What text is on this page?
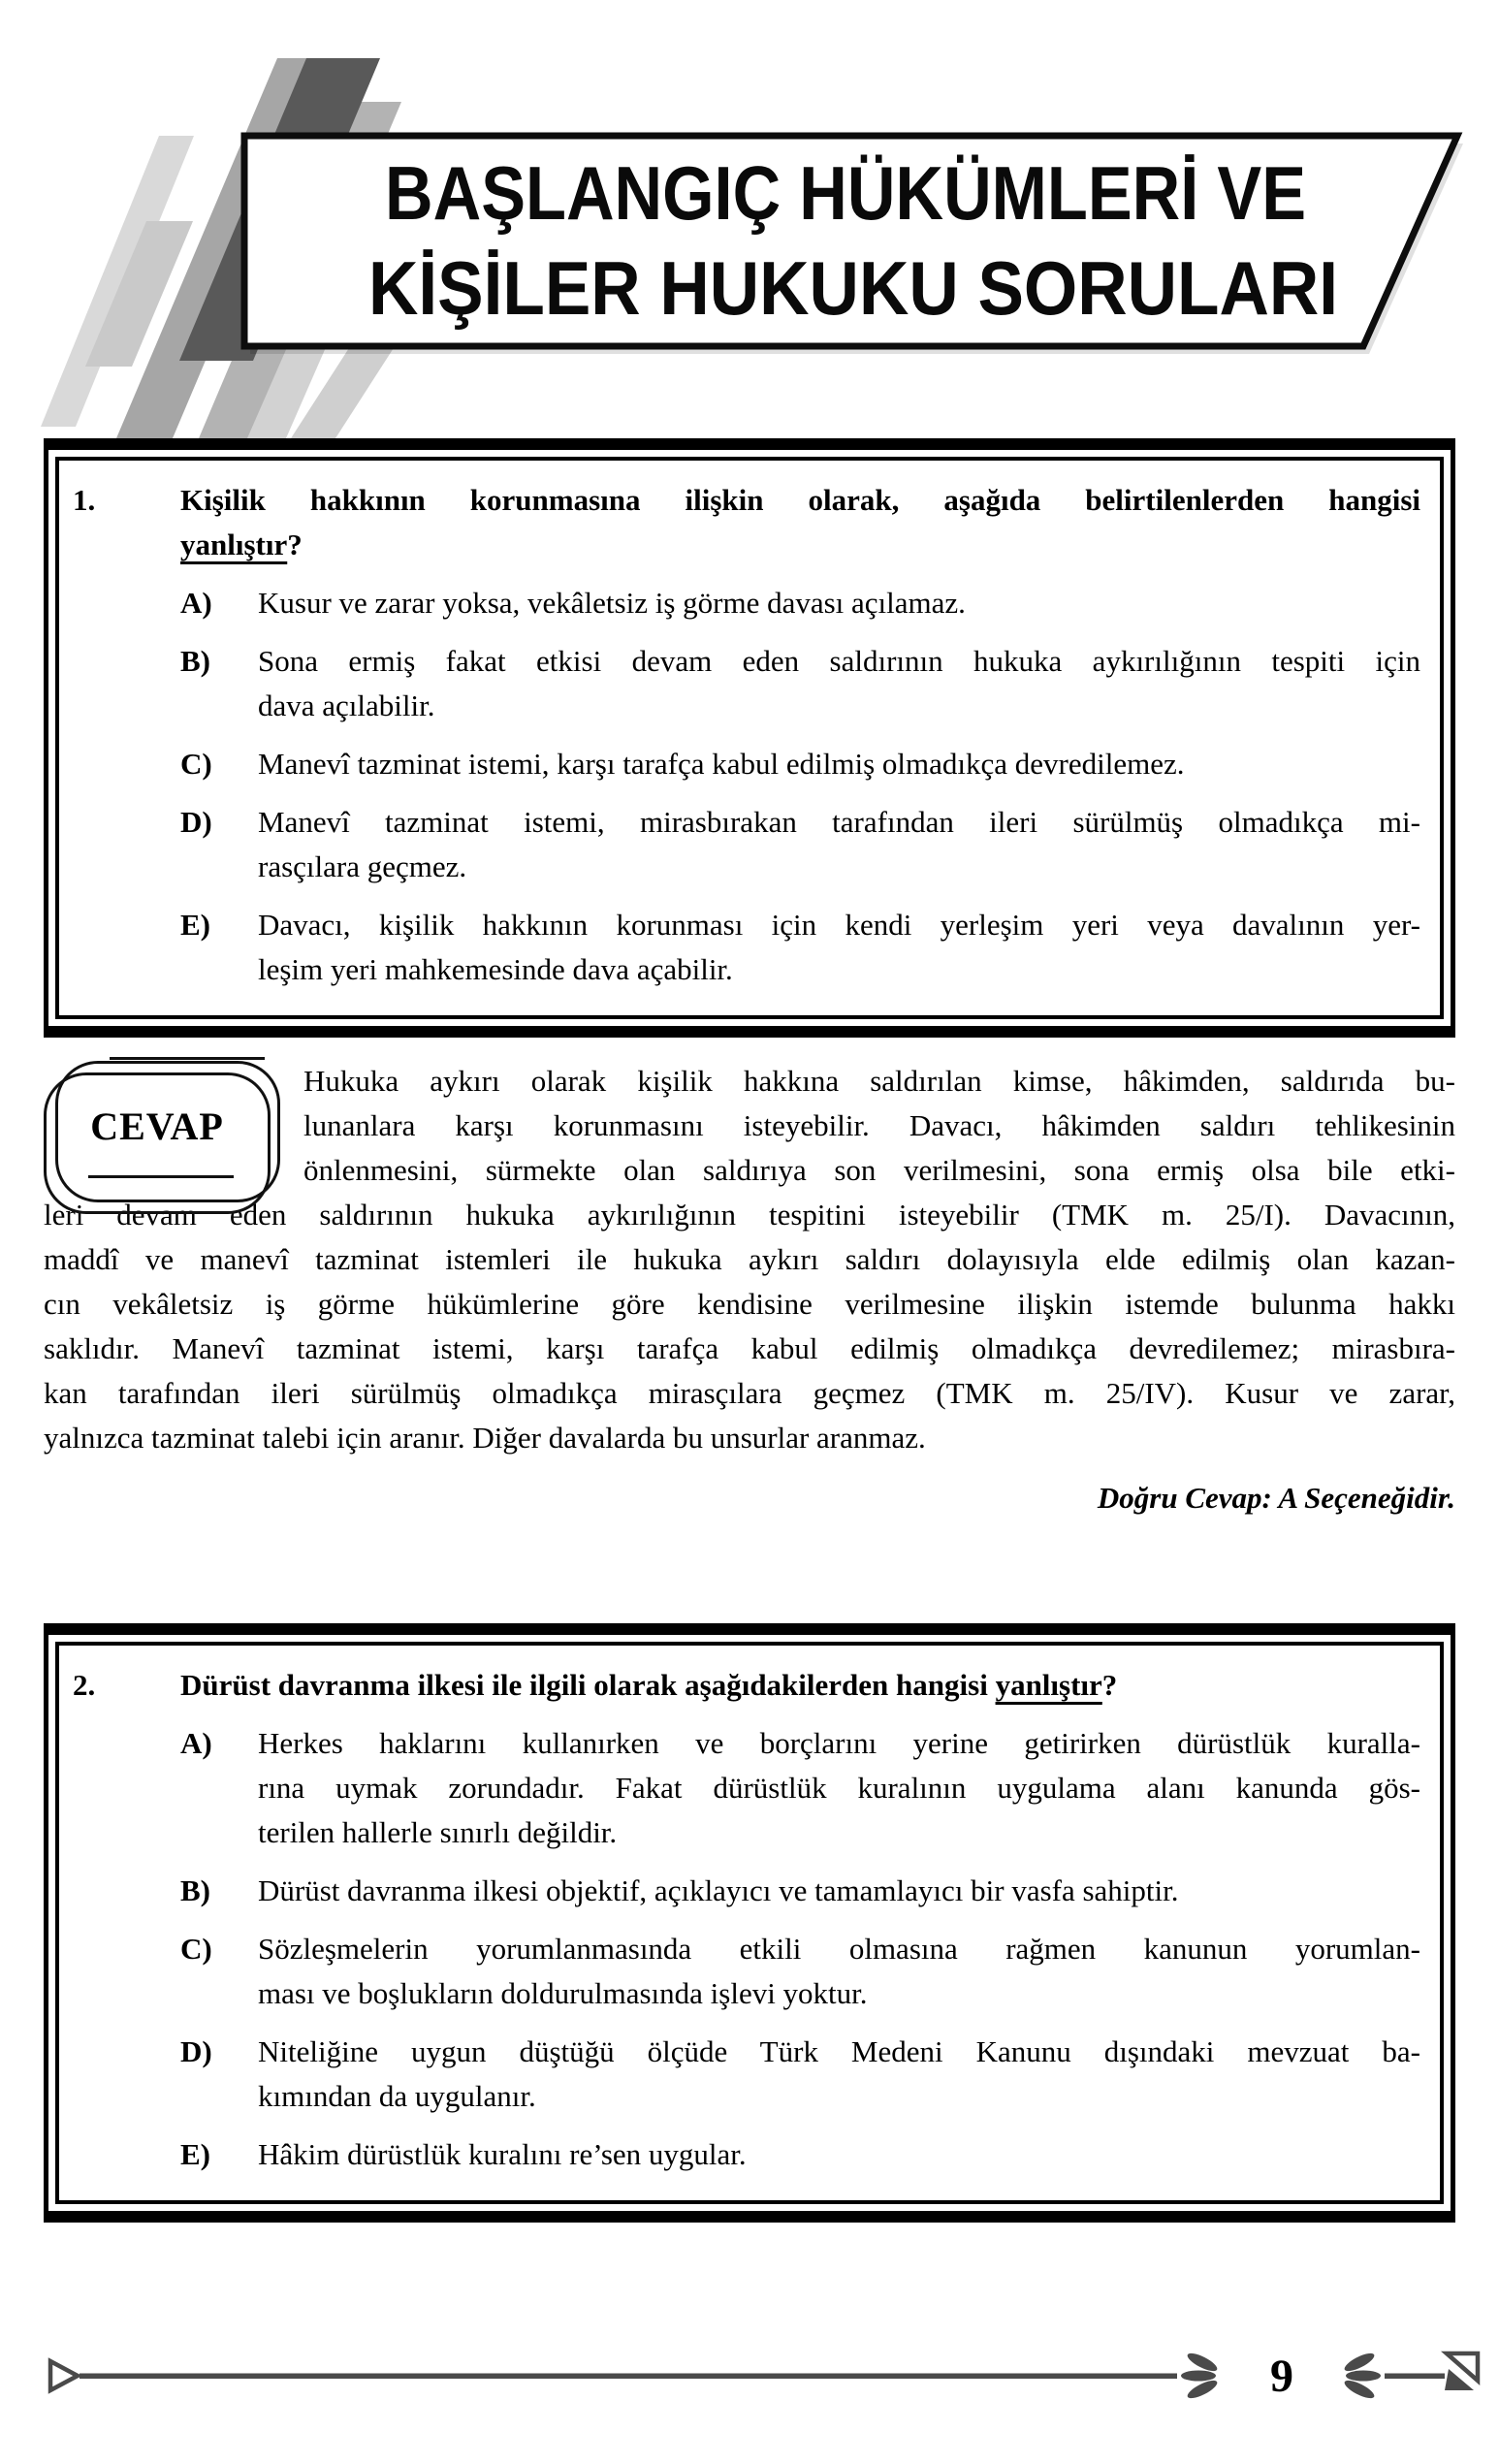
BAŞLANGIÇ HÜKÜMLERİ VE
KİŞİLER HUKUKU SORULARI
1.	Kişilik hakkının korunmasına ilişkin olarak, aşağıda belirtilenlerden hangisi
yanlıştır?
A)	Kusur ve zarar yoksa, vekâletsiz iş görme davası açılamaz.
B)	Sona ermiş fakat etkisi devam eden saldırının hukuka aykırılığının tespiti için
dava açılabilir.
C)	Manevî tazminat istemi, karşı tarafça kabul edilmiş olmadıkça devredilemez.
D)	Manevî tazminat istemi, mirasbırakan tarafından ileri sürülmüş olmadıkça mi-
rasçılara geçmez.
E)	Davacı, kişilik hakkının korunması için kendi yerleşim yeri veya davalının yer-
leşim yeri mahkemesinde dava açabilir.
CEVAP
Hukuka aykırı olarak kişilik hakkına saldırılan kimse, hâkimden, saldırıda bu-
lunanlara karşı korunmasını isteyebilir. Davacı, hâkimden saldırı tehlikesinin
önlenmesini, sürmekte olan saldırıya son verilmesini, sona ermiş olsa bile etki-
leri devam eden saldırının hukuka aykırılığının tespitini isteyebilir (TMK m. 25/I). Davacının,
maddî ve manevî tazminat istemleri ile hukuka aykırı saldırı dolayısıyla elde edilmiş olan kazan-
cın vekâletsiz iş görme hükümlerine göre kendisine verilmesine ilişkin istemde bulunma hakkı
saklıdır. Manevî tazminat istemi, karşı tarafça kabul edilmiş olmadıkça devredilemez; mirasbıra-
kan tarafından ileri sürülmüş olmadıkça mirasçılara geçmez (TMK m. 25/IV). Kusur ve zarar,
yalnızca tazminat talebi için aranır. Diğer davalarda bu unsurlar aranmaz.
Doğru Cevap: A Seçeneğidir.
2.	Dürüst davranma ilkesi ile ilgili olarak aşağıdakilerden hangisi yanlıştır?
A)	Herkes haklarını kullanırken ve borçlarını yerine getirirken dürüstlük kuralla-
rına uymak zorundadır. Fakat dürüstlük kuralının uygulama alanı kanunda gös-
terilen hallerle sınırlı değildir.
B)	Dürüst davranma ilkesi objektif, açıklayıcı ve tamamlayıcı bir vasfa sahiptir.
C)	Sözleşmelerin yorumlanmasında etkili olmasına rağmen kanunun yorumlan-
ması ve boşlukların doldurulmasında işlevi yoktur.
D)	Niteliğine uygun düştüğü ölçüde Türk Medeni Kanunu dışındaki mevzuat ba-
kımından da uygulanır.
E)	Hâkim dürüstlük kuralını re’sen uygular.
9
